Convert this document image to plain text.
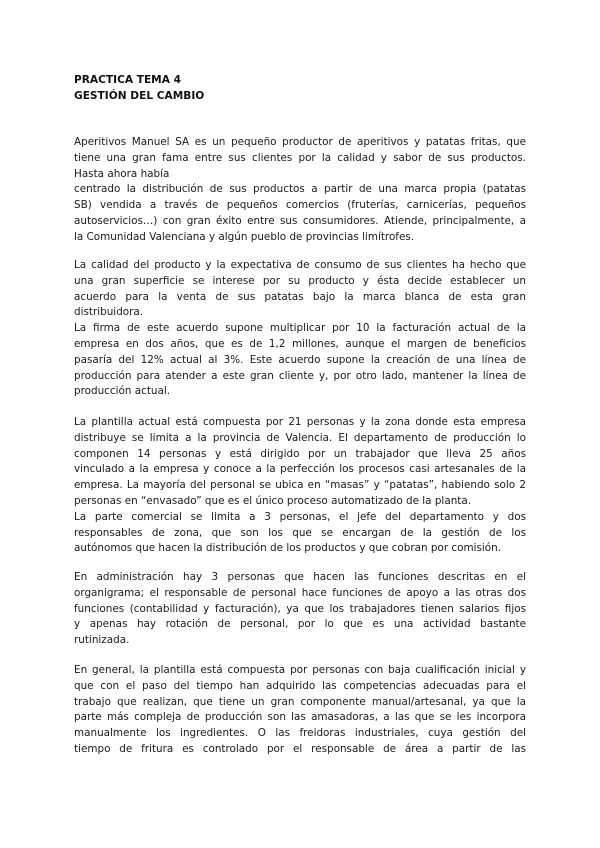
PRACTICA TEMA 4
GESTIÓN DEL CAMBIO
Aperitivos Manuel SA es un pequeño productor de aperitivos y patatas fritas, que
tiene una gran fama entre sus clientes por la calidad y sabor de sus productos.
Hasta ahora había
centrado la distribución de sus productos a partir de una marca propia (patatas
SB) vendida a través de pequeños comercios (fruterías, carnicerías, pequeños
autoservicios…) con gran éxito entre sus consumidores. Atiende, principalmente, a
la Comunidad Valenciana y algún pueblo de provincias limítrofes.
La calidad del producto y la expectativa de consumo de sus clientes ha hecho que
una gran superficie se interese por su producto y ésta decide establecer un
acuerdo para la venta de sus patatas bajo la marca blanca de esta gran
distribuidora.
La firma de este acuerdo supone multiplicar por 10 la facturación actual de la
empresa en dos años, que es de 1,2 millones, aunque el margen de beneficios
pasaría del 12% actual al 3%. Este acuerdo supone la creación de una línea de
producción para atender a este gran cliente y, por otro lado, mantener la línea de
producción actual.
La plantilla actual está compuesta por 21 personas y la zona donde esta empresa
distribuye se limita a la provincia de Valencia. El departamento de producción lo
componen 14 personas y está dirigido por un trabajador que lleva 25 años
vinculado a la empresa y conoce a la perfección los procesos casi artesanales de la
empresa. La mayoría del personal se ubica en “masas” y “patatas”, habiendo solo 2
personas en “envasado” que es el único proceso automatizado de la planta.
La parte comercial se limita a 3 personas, el jefe del departamento y dos
responsables de zona, que son los que se encargan de la gestión de los
autónomos que hacen la distribución de los productos y que cobran por comisión.
En administración hay 3 personas que hacen las funciones descritas en el
organigrama; el responsable de personal hace funciones de apoyo a las otras dos
funciones (contabilidad y facturación), ya que los trabajadores tienen salarios fijos
y apenas hay rotación de personal, por lo que es una actividad bastante
rutinizada.
En general, la plantilla está compuesta por personas con baja cualificación inicial y
que con el paso del tiempo han adquirido las competencias adecuadas para el
trabajo que realizan, que tiene un gran componente manual/artesanal, ya que la
parte más compleja de producción son las amasadoras, a las que se les incorpora
manualmente los ingredientes. O las freidoras industriales, cuya gestión del
tiempo de fritura es controlado por el responsable de área a partir de las
